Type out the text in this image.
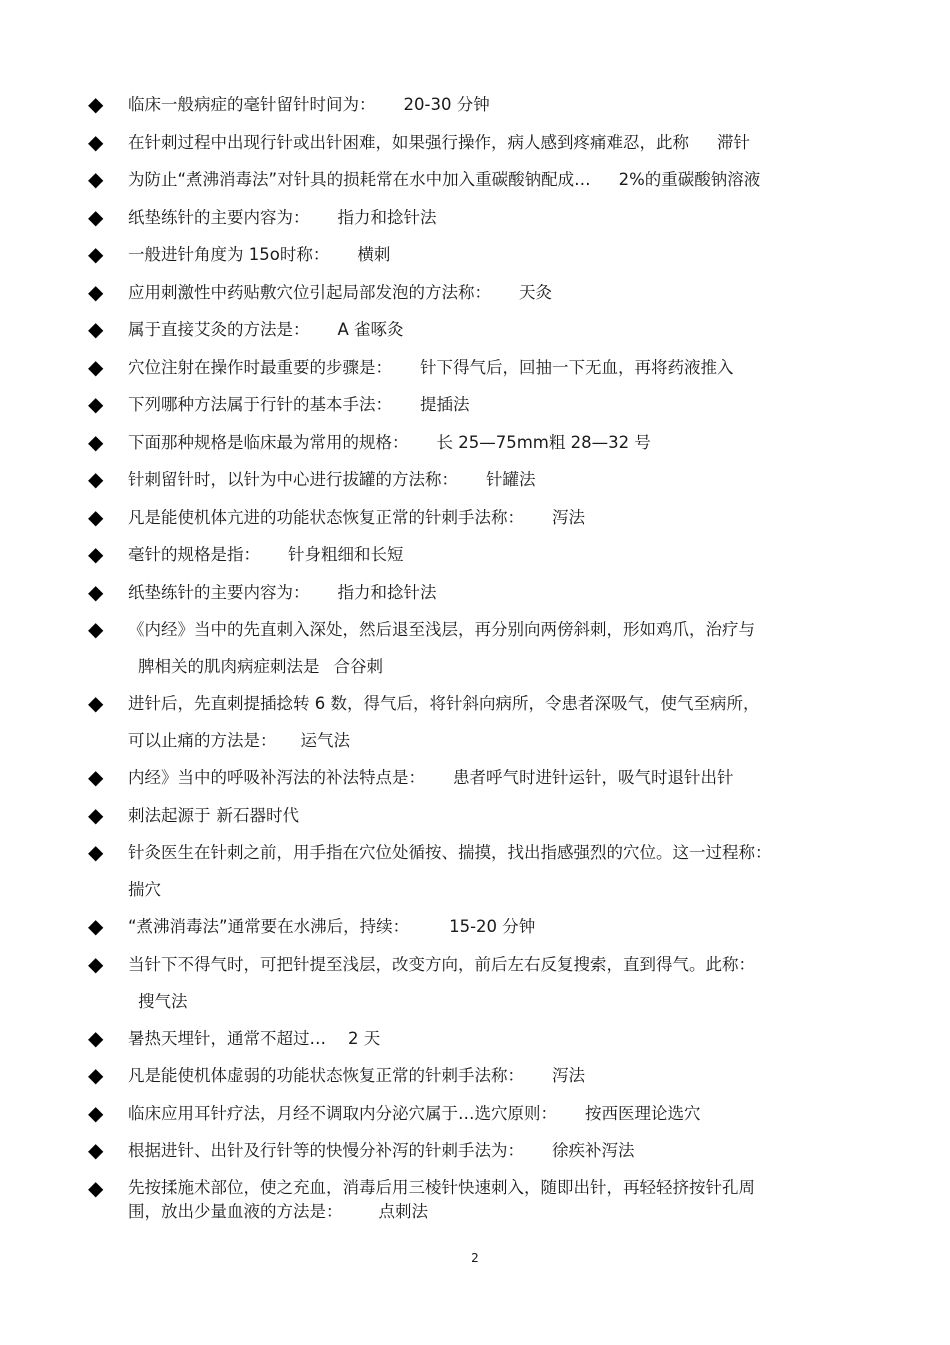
◆ 临床一般病症的毫针留针时间为： 20-30 分钟
◆ 在针刺过程中出现行针或出针困难，如果强行操作，病人感到疼痛难忍，此称 滞针
◆ 为防止“煮沸消毒法”对针具的损耗常在水中加入重碳酸钠配成… 2%的重碳酸钠溶液
◆ 纸垫练针的主要内容为： 指力和捻针法
◆ 一般进针角度为 15o时称： 横刺
◆ 应用刺激性中药贴敷穴位引起局部发泡的方法称： 天灸
◆ 属于直接艾灸的方法是： A 雀啄灸
◆ 穴位注射在操作时最重要的步骤是： 针下得气后，回抽一下无血，再将药液推入
◆ 下列哪种方法属于行针的基本手法： 提插法
◆ 下面那种规格是临床最为常用的规格： 长 25—75mm粗 28—32 号
◆ 针刺留针时，以针为中心进行拔罐的方法称： 针罐法
◆ 凡是能使机体亢进的功能状态恢复正常的针刺手法称： 泻法
◆ 毫针的规格是指： 针身粗细和长短
◆ 纸垫练针的主要内容为： 指力和捻针法
◆ 《内经》当中的先直刺入深处，然后退至浅层，再分别向两傍斜刺，形如鸡爪，治疗与
脾相关的肌肉病症刺法是 合谷刺
◆ 进针后，先直刺提插捻转 6 数，得气后，将针斜向病所，令患者深吸气，使气至病所，
可以止痛的方法是： 运气法
◆ 内经》当中的呼吸补泻法的补法特点是： 患者呼气时进针运针，吸气时退针出针
◆ 刺法起源于 新石器时代
◆ 针灸医生在针刺之前，用手指在穴位处循按、揣摸，找出指感强烈的穴位。这一过程称：
揣穴
◆ “煮沸消毒法”通常要在水沸后，持续： 15-20 分钟
◆ 当针下不得气时，可把针提至浅层，改变方向，前后左右反复搜索，直到得气。此称：
搜气法
◆ 暑热天埋针，通常不超过… 2 天
◆ 凡是能使机体虚弱的功能状态恢复正常的针刺手法称： 泻法
◆ 临床应用耳针疗法，月经不调取内分泌穴属于…选穴原则： 按西医理论选穴
◆ 根据进针、出针及行针等的快慢分补泻的针刺手法为： 徐疾补泻法
◆ 先按揉施术部位，使之充血，消毒后用三棱针快速刺入，随即出针，再轻轻挤按针孔周
围，放出少量血液的方法是： 点刺法
2
